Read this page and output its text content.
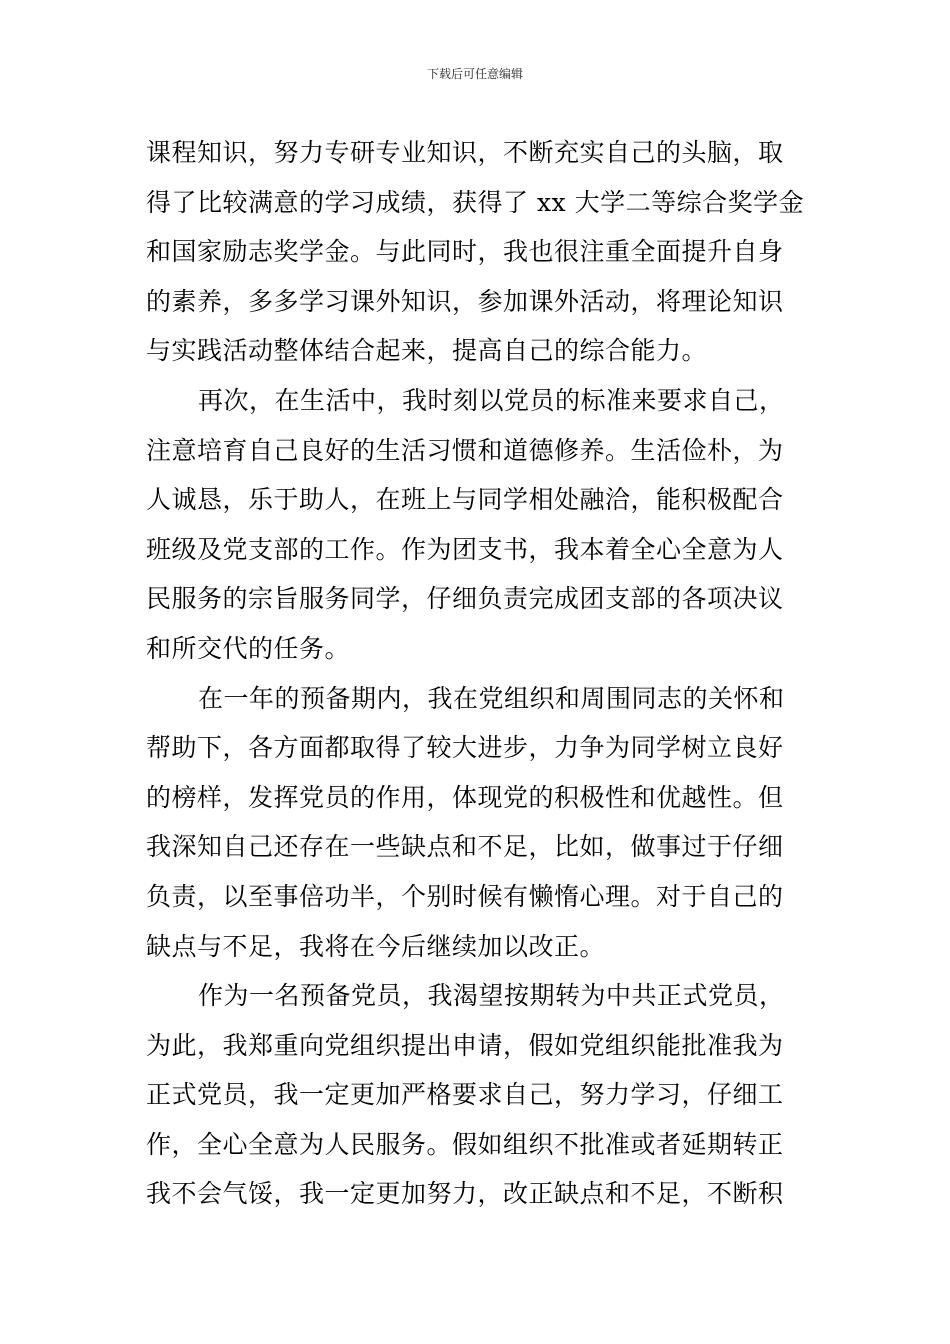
下载后可任意编辑
课程知识，努力专研专业知识，不断充实自己的头脑，取
得了比较满意的学习成绩，获得了 xx 大学二等综合奖学金
和国家励志奖学金。与此同时，我也很注重全面提升自身
的素养，多多学习课外知识，参加课外活动，将理论知识
与实践活动整体结合起来，提高自己的综合能力。
再次，在生活中，我时刻以党员的标准来要求自己，
注意培育自己良好的生活习惯和道德修养。生活俭朴，为
人诚恳，乐于助人，在班上与同学相处融洽，能积极配合
班级及党支部的工作。作为团支书，我本着全心全意为人
民服务的宗旨服务同学，仔细负责完成团支部的各项决议
和所交代的任务。
在一年的预备期内，我在党组织和周围同志的关怀和
帮助下，各方面都取得了较大进步，力争为同学树立良好
的榜样，发挥党员的作用，体现党的积极性和优越性。但
我深知自己还存在一些缺点和不足，比如，做事过于仔细
负责，以至事倍功半，个别时候有懒惰心理。对于自己的
缺点与不足，我将在今后继续加以改正。
作为一名预备党员，我渴望按期转为中共正式党员，
为此，我郑重向党组织提出申请，假如党组织能批准我为
正式党员，我一定更加严格要求自己，努力学习，仔细工
作，全心全意为人民服务。假如组织不批准或者延期转正
我不会气馁，我一定更加努力，改正缺点和不足，不断积
